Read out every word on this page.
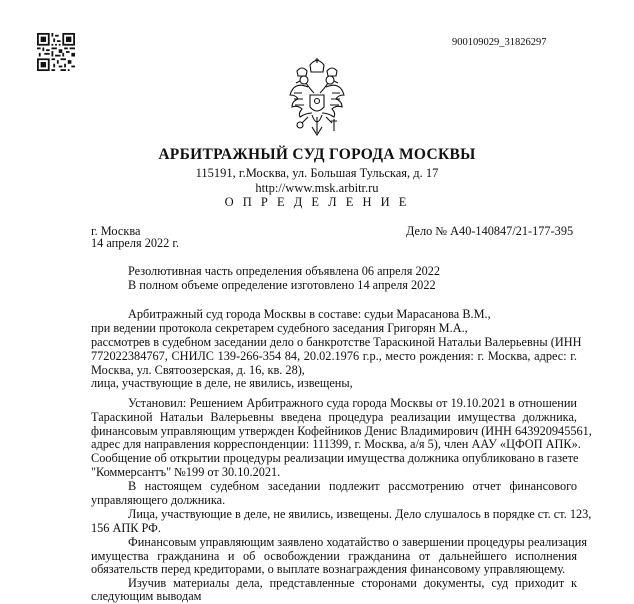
900109029_31826297
АРБИТРАЖНЫЙ СУД ГОРОДА МОСКВЫ
115191, г.Москва, ул. Большая Тульская, д. 17
http://www.msk.arbitr.ru
О П Р Е Д Е Л Е Н И Е
г. Москва
14 апреля 2022 г.
Дело № А40-140847/21-177-395
Резолютивная часть определения объявлена 06 апреля 2022
В полном объеме определение изготовлено 14 апреля 2022
Арбитражный суд города Москвы в составе: судьи Марасанова В.М.,
при ведении протокола секретарем судебного заседания Григорян М.А.,
рассмотрев в судебном заседании дело о банкротстве Тараскиной Натальи Валерьевны (ИНН
772022384767, СНИЛС 139-266-354 84, 20.02.1976 г.р., место рождения: г. Москва, адрес: г.
Москва, ул. Святоозерская, д. 16, кв. 28),
лица, участвующие в деле, не явились, извещены,
Установил: Решением Арбитражного суда города Москвы от 19.10.2021 в отношении
Тараскиной Натальи Валерьевны введена процедура реализации имущества должника,
финансовым управляющим утвержден Кофейников Денис Владимирович (ИНН 643920945561,
адрес для направления корреспонденции: 111399, г. Москва, а/я 5), член ААУ «ЦФОП АПК».
Сообщение об открытии процедуры реализации имущества должника опубликовано в газете
"Коммерсантъ" №199 от 30.10.2021.
В настоящем судебном заседании подлежит рассмотрению отчет финансового
управляющего должника.
Лица, участвующие в деле, не явились, извещены. Дело слушалось в порядке ст. ст. 123,
156 АПК РФ.
Финансовым управляющим заявлено ходатайство о завершении процедуры реализация
имущества гражданина и об освобождении гражданина от дальнейшего исполнения
обязательств перед кредиторами, о выплате вознаграждения финансовому управляющему.
Изучив материалы дела, представленные сторонами документы, суд приходит к
следующим выводам
